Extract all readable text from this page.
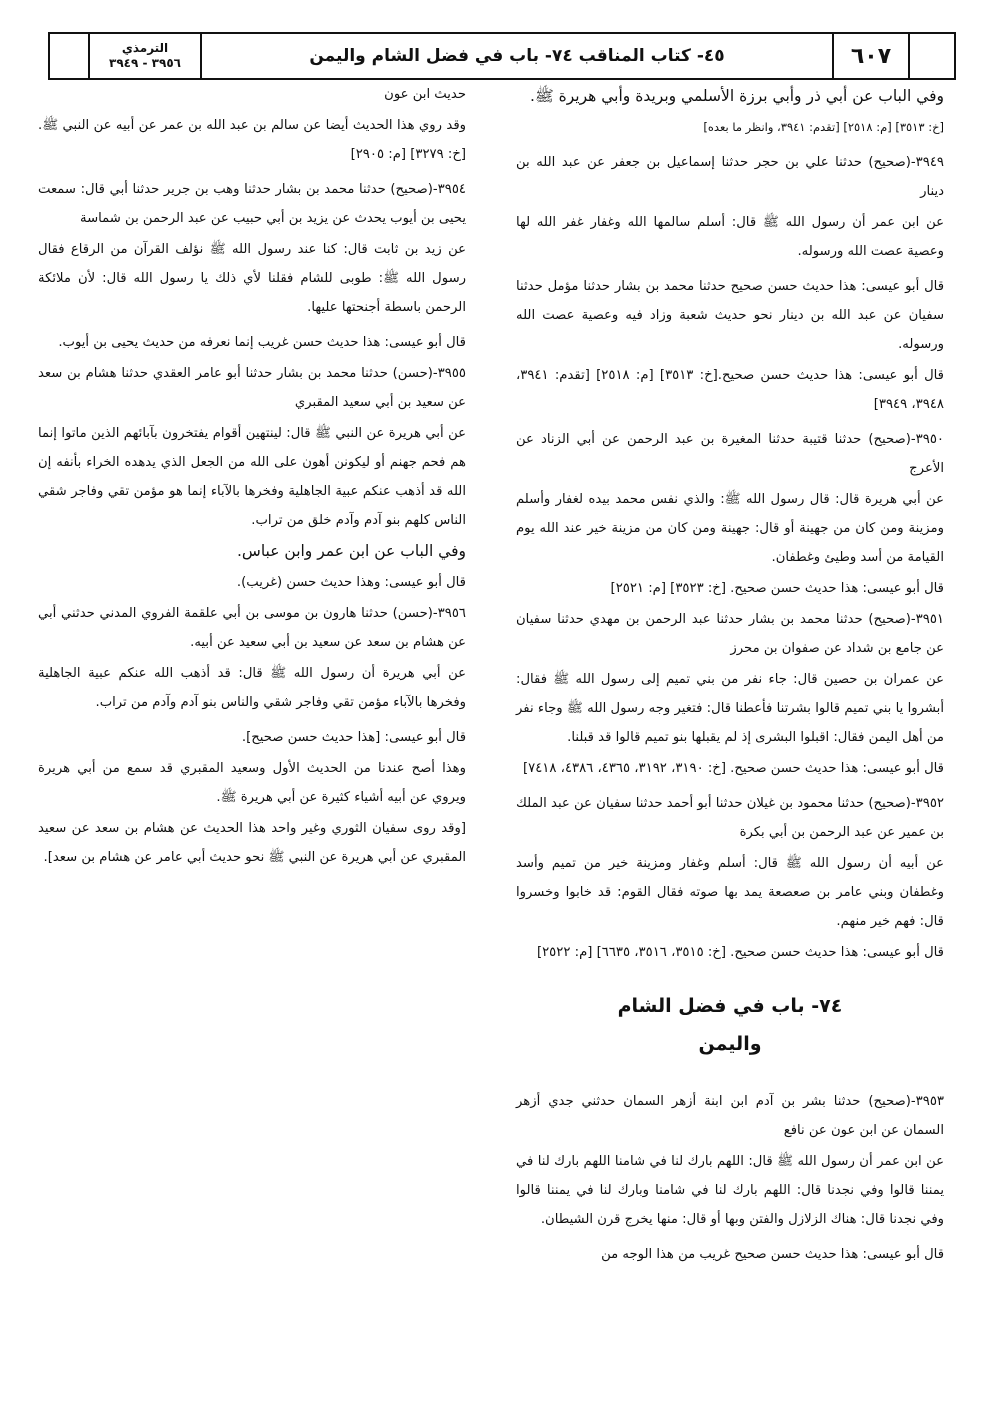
٦٠٧
٤٥- كتاب المناقب ٧٤- باب في فضل الشام واليمن
الترمذي
٣٩٥٦ - ٣٩٤٩

وفي الباب عن أبي ذر وأبي برزة الأسلمي وبريدة وأبي هريرة ﷺ.

[خ: ٣٥١٣] [م: ٢٥١٨] [تقدم: ٣٩٤١، وانظر ما بعده]

٣٩٤٩-(صحيح) حدثنا علي بن حجر حدثنا إسماعيل بن جعفر عن عبد الله بن دينار

عن ابن عمر أن رسول الله ﷺ قال: أسلم سالمها الله وغفار غفر الله لها وعصية عصت الله ورسوله.

قال أبو عيسى: هذا حديث حسن صحيح حدثنا محمد بن بشار حدثنا مؤمل حدثنا سفيان عن عبد الله بن دينار نحو حديث شعبة وزاد فيه وعصية عصت الله ورسوله.

قال أبو عيسى: هذا حديث حسن صحيح.[خ: ٣٥١٣] [م: ٢٥١٨] [تقدم: ٣٩٤١، ٣٩٤٨، ٣٩٤٩]

٣٩٥٠-(صحيح) حدثنا قتيبة حدثنا المغيرة بن عبد الرحمن عن أبي الزناد عن الأعرج

عن أبي هريرة قال: قال رسول الله ﷺ: والذي نفس محمد بيده لغفار وأسلم ومزينة ومن كان من جهينة أو قال: جهينة ومن كان من مزينة خير عند الله يوم القيامة من أسد وطيئ وغطفان.

قال أبو عيسى: هذا حديث حسن صحيح. [خ: ٣٥٢٣] [م: ٢٥٢١]

٣٩٥١-(صحيح) حدثنا محمد بن بشار حدثنا عبد الرحمن بن مهدي حدثنا سفيان عن جامع بن شداد عن صفوان بن محرز

عن عمران بن حصين قال: جاء نفر من بني تميم إلى رسول الله ﷺ فقال: أبشروا يا بني تميم قالوا بشرتنا فأعطنا قال: فتغير وجه رسول الله ﷺ وجاء نفر من أهل اليمن فقال: اقبلوا البشرى إذ لم يقبلها بنو تميم قالوا قد قبلنا.

قال أبو عيسى: هذا حديث حسن صحيح. [خ: ٣١٩٠، ٣١٩٢، ٤٣٦٥، ٤٣٨٦، ٧٤١٨]

٣٩٥٢-(صحيح) حدثنا محمود بن غيلان حدثنا أبو أحمد حدثنا سفيان عن عبد الملك بن عمير عن عبد الرحمن بن أبي بكرة

عن أبيه أن رسول الله ﷺ قال: أسلم وغفار ومزينة خير من تميم وأسد وغطفان وبني عامر بن صعصعة يمد بها صوته فقال القوم: قد خابوا وخسروا قال: فهم خير منهم.

قال أبو عيسى: هذا حديث حسن صحيح. [خ: ٣٥١٥، ٣٥١٦، ٦٦٣٥] [م: ٢٥٢٢]

٧٤- باب في فضل الشام
واليمن

٣٩٥٣-(صحيح) حدثنا بشر بن آدم ابن ابنة أزهر السمان حدثني جدي أزهر السمان عن ابن عون عن نافع

عن ابن عمر أن رسول الله ﷺ قال: اللهم بارك لنا في شامنا اللهم بارك لنا في يمننا قالوا وفي نجدنا قال: اللهم بارك لنا في شامنا وبارك لنا في يمننا قالوا وفي نجدنا قال: هناك الزلازل والفتن وبها أو قال: منها يخرج قرن الشيطان.

قال أبو عيسى: هذا حديث حسن صحيح غريب من هذا الوجه من

حديث ابن عون

وقد روي هذا الحديث أيضا عن سالم بن عبد الله بن عمر عن أبيه عن النبي ﷺ. [خ: ٣٢٧٩] [م: ٢٩٠٥]

٣٩٥٤-(صحيح) حدثنا محمد بن بشار حدثنا وهب بن جرير حدثنا أبي قال: سمعت يحيى بن أيوب يحدث عن يزيد بن أبي حبيب عن عبد الرحمن بن شماسة

عن زيد بن ثابت قال: كنا عند رسول الله ﷺ نؤلف القرآن من الرقاع فقال رسول الله ﷺ: طوبى للشام فقلنا لأي ذلك يا رسول الله قال: لأن ملائكة الرحمن باسطة أجنحتها عليها.

قال أبو عيسى: هذا حديث حسن غريب إنما نعرفه من حديث يحيى بن أيوب.

٣٩٥٥-(حسن) حدثنا محمد بن بشار حدثنا أبو عامر العقدي حدثنا هشام بن سعد عن سعيد بن أبي سعيد المقبري

عن أبي هريرة عن النبي ﷺ قال: لينتهين أقوام يفتخرون بآبائهم الذين ماتوا إنما هم فحم جهنم أو ليكونن أهون على الله من الجعل الذي يدهده الخراء بأنفه إن الله قد أذهب عنكم عبية الجاهلية وفخرها بالآباء إنما هو مؤمن تقي وفاجر شقي الناس كلهم بنو آدم وآدم خلق من تراب.

وفي الباب عن ابن عمر وابن عباس.

قال أبو عيسى: وهذا حديث حسن (غريب).

٣٩٥٦-(حسن) حدثنا هارون بن موسى بن أبي علقمة الفروي المدني حدثني أبي عن هشام بن سعد عن سعيد بن أبي سعيد عن أبيه.

عن أبي هريرة أن رسول الله ﷺ قال: قد أذهب الله عنكم عبية الجاهلية وفخرها بالآباء مؤمن تقي وفاجر شقي والناس بنو آدم وآدم من تراب.

قال أبو عيسى: [هذا حديث حسن صحيح].

وهذا أصح عندنا من الحديث الأول وسعيد المقبري قد سمع من أبي هريرة ويروي عن أبيه أشياء كثيرة عن أبي هريرة ﷺ.

[وقد روى سفيان الثوري وغير واحد هذا الحديث عن هشام بن سعد عن سعيد المقبري عن أبي هريرة عن النبي ﷺ نحو حديث أبي عامر عن هشام بن سعد].
